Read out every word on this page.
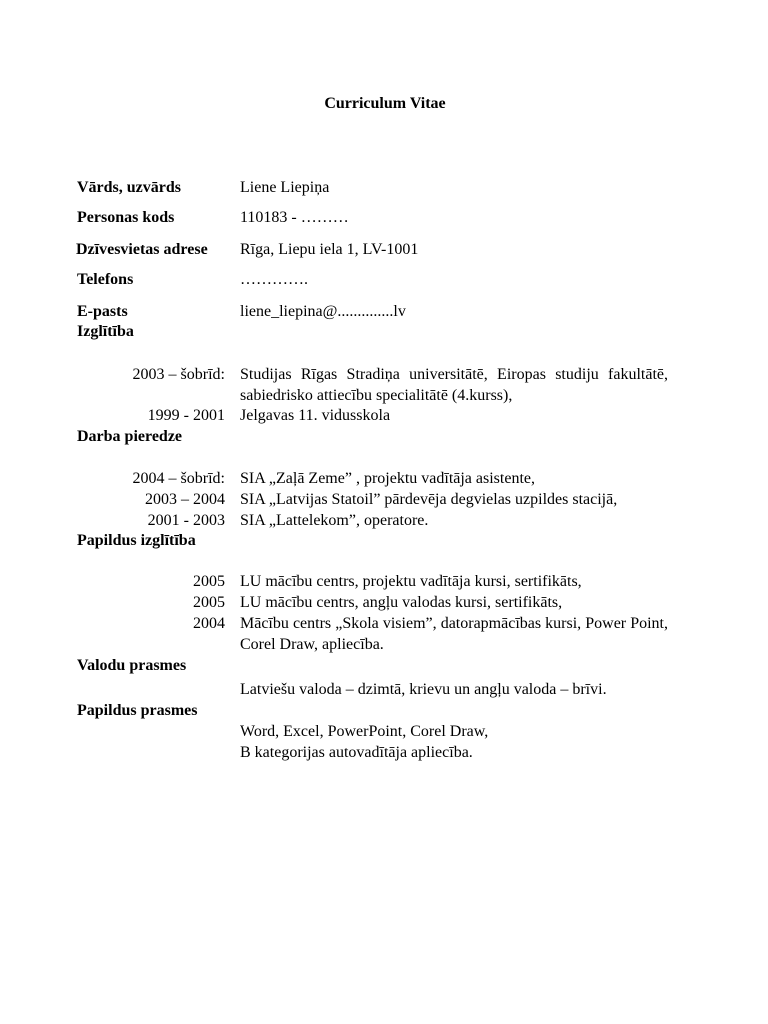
Curriculum Vitae
Vārds, uzvārds	Liene Liepiņa
Personas kods	110183 - ………
Dzīvesvietas adrese Rīga, Liepu iela 1, LV-1001
Telefons	………….
E-pasts	liene_liepina@..............lv
Izglītība
2003 – šobrīd: Studijas Rīgas Stradiņa universitātē, Eiropas studiju fakultātē, sabiedrisko attiecību specialitātē (4.kurss),
1999 - 2001 Jelgavas 11. vidusskola
Darba pieredze
2004 – šobrīd: SIA „Zaļā Zeme” , projektu vadītāja asistente,
2003 – 2004 SIA „Latvijas Statoil” pārdevēja degvielas uzpildes stacijā,
2001 - 2003 SIA „Lattelekom”, operatore.
Papildus izglītība
2005 LU mācību centrs, projektu vadītāja kursi, sertifikāts,
2005 LU mācību centrs, angļu valodas kursi, sertifikāts,
2004 Mācību centrs „Skola visiem”, datorapmācības kursi, Power Point, Corel Draw, apliecība.
Valodu prasmes
Latviešu valoda – dzimtā, krievu un angļu valoda – brīvi.
Papildus prasmes
Word, Excel, PowerPoint, Corel Draw,
B kategorijas autovadītāja apliecība.
